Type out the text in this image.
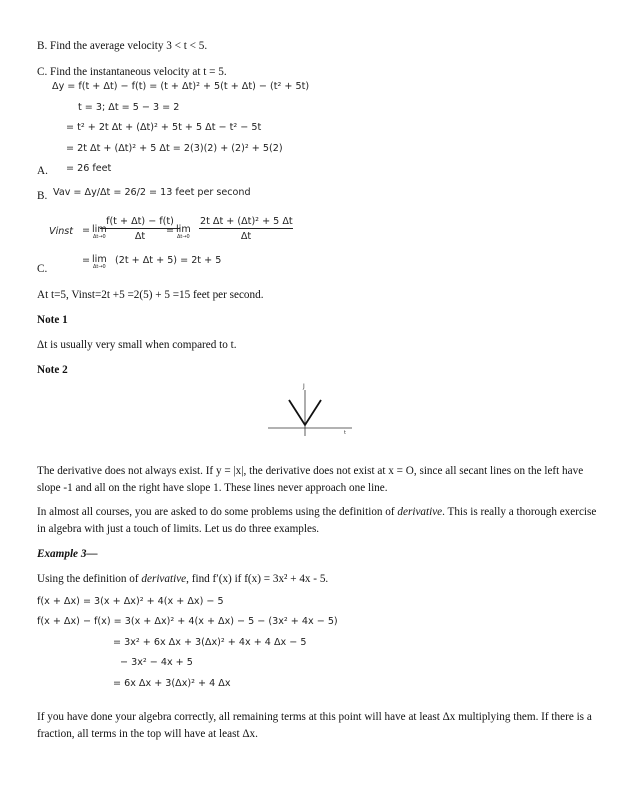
B. Find the average velocity 3 < t < 5.
C. Find the instantaneous velocity at t = 5.
Δy = f(t + Δt) − f(t) = (t + Δt)² + 5(t + Δt) − (t² + 5t)
t = 3; Δt = 5 − 3 = 2
= t² + 2t Δt + (Δt)² + 5t + 5 Δt − t² − 5t
= 2t Δt + (Δt)² + 5 Δt = 2(3)(2) + (2)² + 5(2)
A. = 26 feet
B. Vav = Δy/Δt = 26/2 = 13 feet per second
Vinst = lim
Δt→0
f(t + Δt) − f(t)
Δt
= lim
Δt→0
2t Δt + (Δt)² + 5 Δt
Δt
= lim
Δt→0
(2t + Δt + 5) = 2t + 5
C.
At t=5, Vinst=2t +5 =2(5) + 5 =15 feet per second.
Note 1
Δt is usually very small when compared to t.
Note 2
J
t
The derivative does not always exist. If y = |x|, the derivative does not exist at x = O, since all secant lines on the left have slope -1 and all on the right have slope 1. These lines never approach one line.
In almost all courses, you are asked to do some problems using the definition of derivative. This is really a thorough exercise in algebra with just a touch of limits. Let us do three examples.
Example 3—
Using the definition of derivative, find f′(x) if f(x) = 3x² + 4x - 5.
f(x + Δx) = 3(x + Δx)² + 4(x + Δx) − 5
f(x + Δx) − f(x) = 3(x + Δx)² + 4(x + Δx) − 5 − (3x² + 4x − 5)
= 3x² + 6x Δx + 3(Δx)² + 4x + 4 Δx − 5
− 3x² − 4x + 5
= 6x Δx + 3(Δx)² + 4 Δx
If you have done your algebra correctly, all remaining terms at this point will have at least Δx multiplying them. If there is a fraction, all terms in the top will have at least Δx.
